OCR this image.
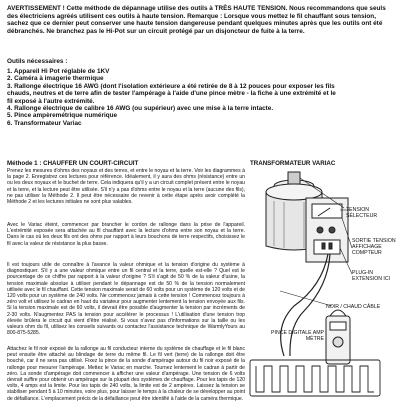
AVERTISSEMENT ! Cette méthode de dépannage utilise des outils à TRÈS HAUTE TENSION. Nous recommandons que seuls des électriciens agréés utilisent ces outils à haute tension. Remarque : Lorsque vous mettez le fil chauffant sous tension, sachez que ce dernier peut conserver une haute tension dangereuse pendant quelques minutes après que les outils ont été débranchés. Ne branchez pas le Hi-Pot sur un circuit protégé par un disjoncteur de fuite à la terre.
Outils nécessaires :
1. Appareil Hi Pot réglable de 1KV
2. Caméra à imagerie thermique
3. Rallonge électrique 16 AWG (dont l'isolation extérieure a été retirée de 8 à 12 pouces pour exposer les fils chauds, neutres et de terre afin de tester l'ampérage à l'aide d'une pince mètre - la fiche à une extrémité et le fil exposé à l'autre extrémité.
4. Rallonge électrique de calibre 16 AWG (ou supérieur) avec une mise à la terre intacte.
5. Pince ampèremétrique numérique
6. Transformateur Variac
Méthode 1 : CHAUFFER UN COURT-CIRCUIT

Prenez les mesures d'ohms des noyaux et des terres, et entre le noyau et la terre. Voir les diagrammes à la page 2. Enregistrez ces lectures pour référence. Idéalement, il y aura des ohms (résistance) entre un ou les deux noyaux et le buchet de terre. Cela indiquera qu'il y a un circuit complet présent entre le noyau et la terre, et la lecture peut être utilisée. S'il n'y a pas d'ohms entre le noyau et la terre (aucune des fils), ne pas utiliser la Méthode 2. Il peut être nécessaire de revenir à cette étape après avoir complété la Méthode 2 et les lectures initiales ne sont plus valables.

Avec le Variac éteint, commencer par brancher le cordon de rallonge dans la prise de l'appareil. L'extrémité exposée sera attachée au fil chauffant avec la lecture d'ohms entre son noyau et la terre. Dans le cas où les deux fils ont des ohms par rapport à leurs bouchons de terre respectifs, choisissez le fil avec la valeur de résistance la plus basse.

Il est toujours utile de connaître à l'avance la valeur ohmique et la tension d'origine du système à diagnostiquer. S'il y a une valeur ohmique entre un fil central et la terre, quelle est-elle ? Quel est le pourcentage de ce chiffre par rapport à la valeur d'origine ? S'il s'agit de 50 % de la valeur d'usine, la tension maximale absolue à utiliser pendant le dépannage est de 50 % de la tension normalement utilisée avec le fil chauffant. Cette tension maximale serait de 60 volts pour un système de 120 volts et de 120 volts pour un système de 240 volts. Ne commencez jamais à cette tension ! Commencez toujours à zéro volt et utilisez le cadran en haut du variateur pour augmenter lentement la tension envoyée aux fils. Si la tension maximale est de 60 volts, il devrait être possible d'augmenter la tension par incréments de 2-30 volts. N'augmentez PAS la tension pour accélérer le processus ! L'utilisation d'une tension trop élevée brûlera le circuit qui vient d'être réalisé. Si vous n'avez pas d'informations sur la taille ou les valeurs ohm du fil, utilisez les conseils suivants ou contactez l'assistance technique de WarmlyYours au 800-875-5285.

Attachez le fil noir exposé de la rallonge au fil conducteur interne du système de chauffage et le fil blanc peut ensuite être attaché au blindage de terre du même fil. Le fil vert (terre) de la rallonge doit être bouché, car il ne sera pas utilisé. Fixez la pince de la sonde d'ampérage autour du fil noir exposé de la rallonge pour mesurer l'ampérage. Mettez le Variac en marche. Tournez lentement le cadran à partir de zéro. La sonde d'ampérage doit commencer à afficher une valeur d'ampérage. Une tension de 6 volts devrait suffire pour obtenir un ampérage sur la plupart des systèmes de chauffage. Pour les tapis de 120 volts, 4 amps est la limite. Pour les tapis de 240 volts, la limite est de 2 ampères. Laissez la tension se stabiliser pendant 5 à 10 minutes, voire plus, pour laisser le temps à la chaleur de se développer au point de défaillance. L'emplacement précis de la défaillance peut être identifié à l'aide de la caméra thermique.

TRANSFORMATEUR VARIAC
TENSION SÉLECTEUR
SORTIE TENSION AFFICHAGE COMPTEUR
PLUG-IN EXTENSION ICI
NOIR / CHAUD CÂBLE
PINCE DIGITALE AMP MÈTRE
